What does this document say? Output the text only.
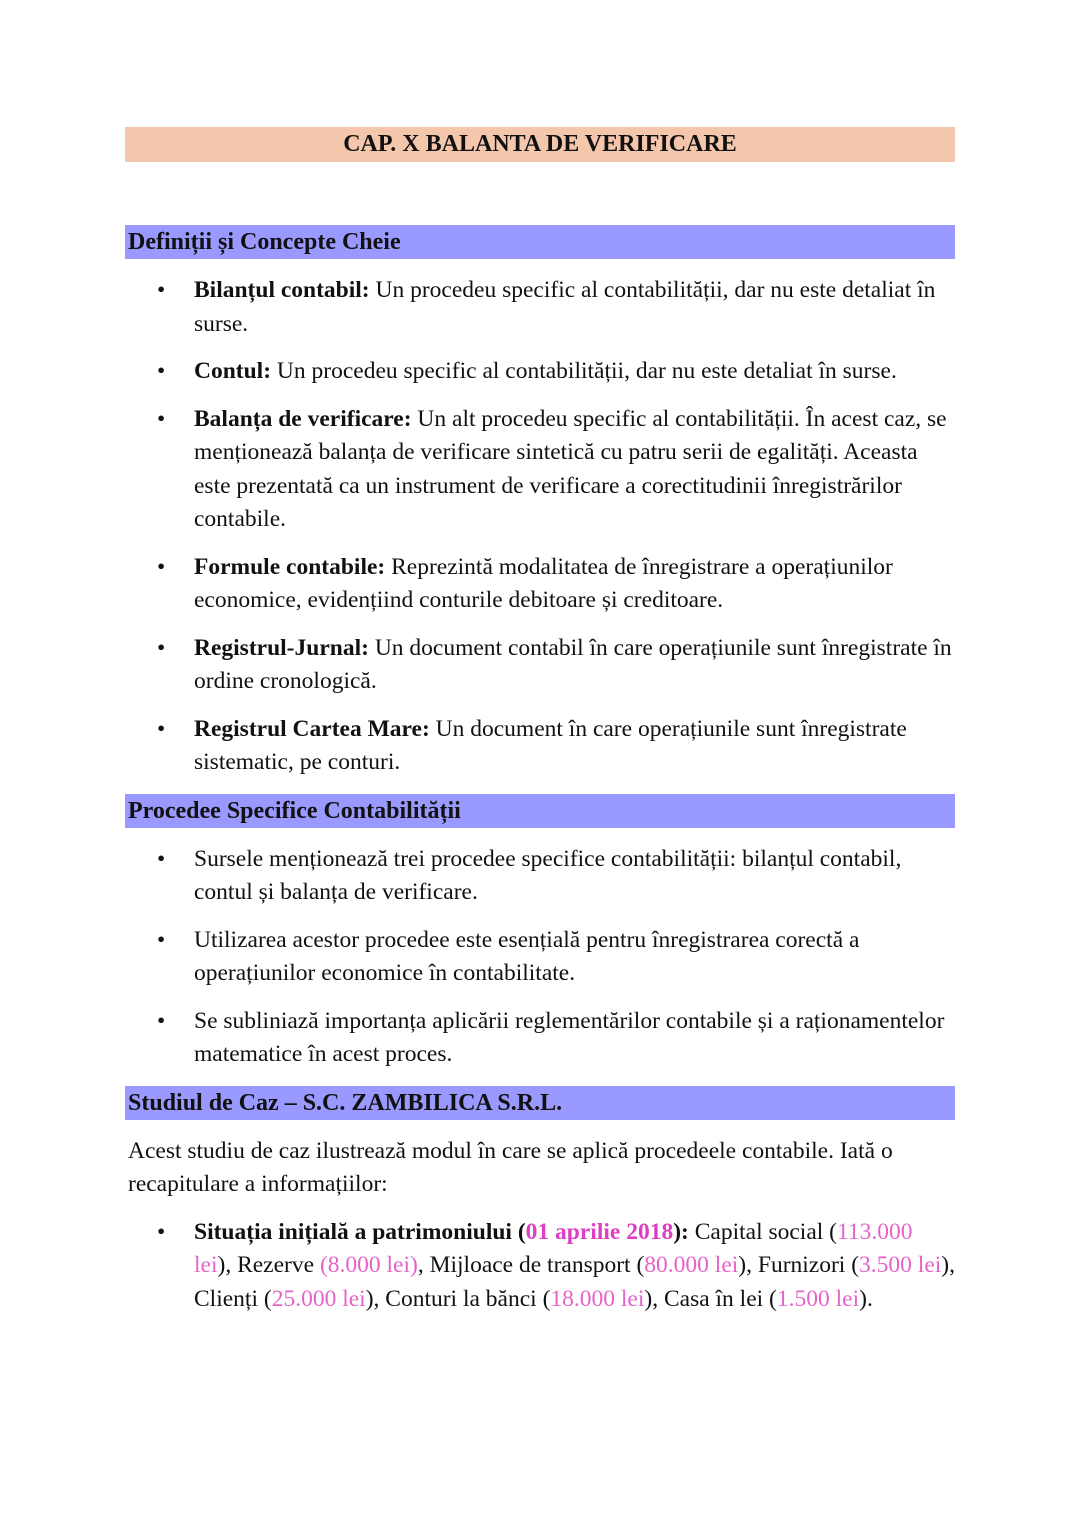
CAP. X BALANTA DE VERIFICARE
Definiții și Concepte Cheie
• Bilanțul contabil: Un procedeu specific al contabilității, dar nu este detaliat în surse.
• Contul: Un procedeu specific al contabilității, dar nu este detaliat în surse.
• Balanța de verificare: Un alt procedeu specific al contabilității. În acest caz, se menționează balanța de verificare sintetică cu patru serii de egalități. Aceasta este prezentată ca un instrument de verificare a corectitudinii înregistrărilor contabile.
• Formule contabile: Reprezintă modalitatea de înregistrare a operațiunilor economice, evidențiind conturile debitoare și creditoare.
• Registrul-Jurnal: Un document contabil în care operațiunile sunt înregistrate în ordine cronologică.
• Registrul Cartea Mare: Un document în care operațiunile sunt înregistrate sistematic, pe conturi.
Procedee Specifice Contabilității
• Sursele menționează trei procedee specifice contabilității: bilanțul contabil, contul și balanța de verificare.
• Utilizarea acestor procedee este esențială pentru înregistrarea corectă a operațiunilor economice în contabilitate.
• Se subliniază importanța aplicării reglementărilor contabile și a raționamentelor matematice în acest proces.
Studiul de Caz – S.C. ZAMBILICA S.R.L.

Acest studiu de caz ilustrează modul în care se aplică procedeele contabile. Iată o recapitulare a informațiilor:

• Situația inițială a patrimoniului (01 aprilie 2018): Capital social (113.000 lei), Rezerve (8.000 lei), Mijloace de transport (80.000 lei), Furnizori (3.500 lei), Clienți (25.000 lei), Conturi la bănci (18.000 lei), Casa în lei (1.500 lei).
